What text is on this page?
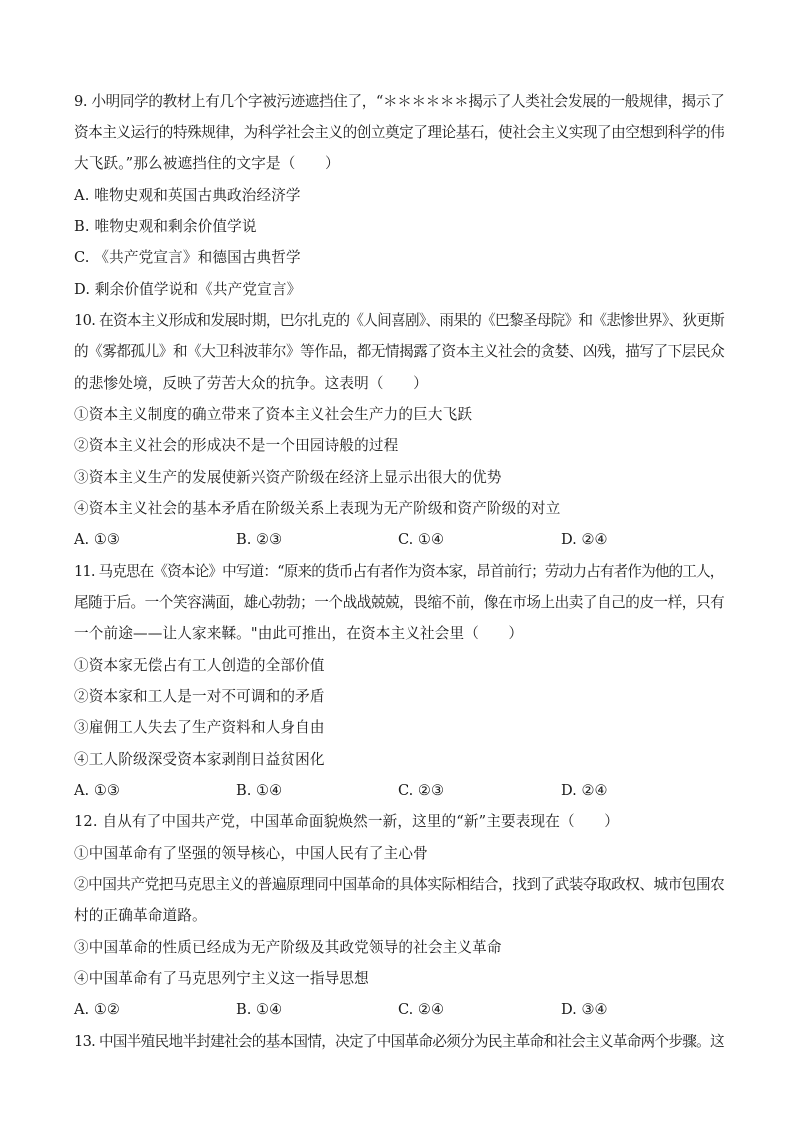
9. 小明同学的教材上有几个字被污迹遮挡住了，“＊＊＊＊＊＊揭示了人类社会发展的一般规律，揭示了
资本主义运行的特殊规律，为科学社会主义的创立奠定了理论基石，使社会主义实现了由空想到科学的伟
大飞跃。”那么被遮挡住的文字是（　　）
A. 唯物史观和英国古典政治经济学
B. 唯物史观和剩余价值学说
C. 《共产党宣言》和德国古典哲学
D. 剩余价值学说和《共产党宣言》
10. 在资本主义形成和发展时期，巴尔扎克的《人间喜剧》、雨果的《巴黎圣母院》和《悲惨世界》、狄更斯
的《雾都孤儿》和《大卫科波菲尔》等作品，都无情揭露了资本主义社会的贪婪、凶残，描写了下层民众
的悲惨处境，反映了劳苦大众的抗争。这表明（　　）
①资本主义制度的确立带来了资本主义社会生产力的巨大飞跃
②资本主义社会的形成决不是一个田园诗般的过程
③资本主义生产的发展使新兴资产阶级在经济上显示出很大的优势
④资本主义社会的基本矛盾在阶级关系上表现为无产阶级和资产阶级的对立
A. ①③	B. ②③	C. ①④	D. ②④
11. 马克思在《资本论》中写道：“原来的货币占有者作为资本家，昂首前行；劳动力占有者作为他的工人，
尾随于后。一个笑容满面，雄心勃勃；一个战战兢兢，畏缩不前，像在市场上出卖了自己的皮一样，只有
一个前途——让人家来鞣。"由此可推出，在资本主义社会里（　　）
①资本家无偿占有工人创造的全部价值
②资本家和工人是一对不可调和的矛盾
③雇佣工人失去了生产资料和人身自由
④工人阶级深受资本家剥削日益贫困化
A. ①③	B. ①④	C. ②③	D. ②④
12. 自从有了中国共产党，中国革命面貌焕然一新，这里的“新”主要表现在（　　）
①中国革命有了坚强的领导核心，中国人民有了主心骨
②中国共产党把马克思主义的普遍原理同中国革命的具体实际相结合，找到了武装夺取政权、城市包围农
村的正确革命道路。
③中国革命的性质已经成为无产阶级及其政党领导的社会主义革命
④中国革命有了马克思列宁主义这一指导思想
A. ①②	B. ①④	C. ②④	D. ③④
13. 中国半殖民地半封建社会的基本国情，决定了中国革命必须分为民主革命和社会主义革命两个步骤。这
